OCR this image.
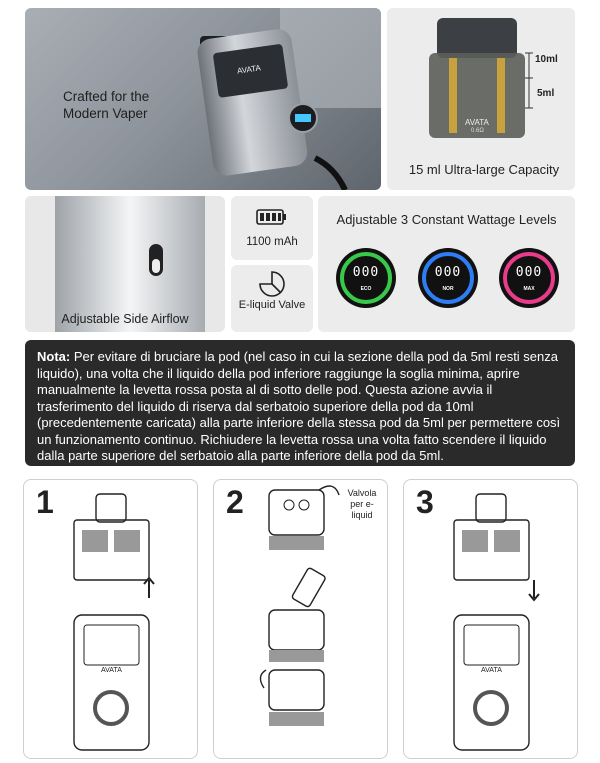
Crafted for the Modern Vaper
AVATA
10ml
5ml
AVATA
0.6Ω
15 ml Ultra-large Capacity
Adjustable Side Airflow
1100 mAh
E-liquid Valve
Adjustable 3 Constant Wattage Levels
000
ECO
000
NOR
000
MAX

Nota: Per evitare di bruciare la pod (nel caso in cui la sezione della pod da 5ml resti senza liquido), una volta che il liquido della pod inferiore raggiunge la soglia minima, aprire manualmente la levetta rossa posta al di sotto delle pod. Questa azione avvia il trasferimento del liquido di riserva dal serbatoio superiore della pod da 10ml (precedentemente caricata) alla parte inferiore della stessa pod da 5ml per permettere così un funzionamento continuo. Richiudere la levetta rossa una volta fatto scendere il liquido dalla parte superiore del serbatoio alla parte inferiore della pod da 5ml.

1
AVATA
2	Valvola per e-liquid	3
AVATA
